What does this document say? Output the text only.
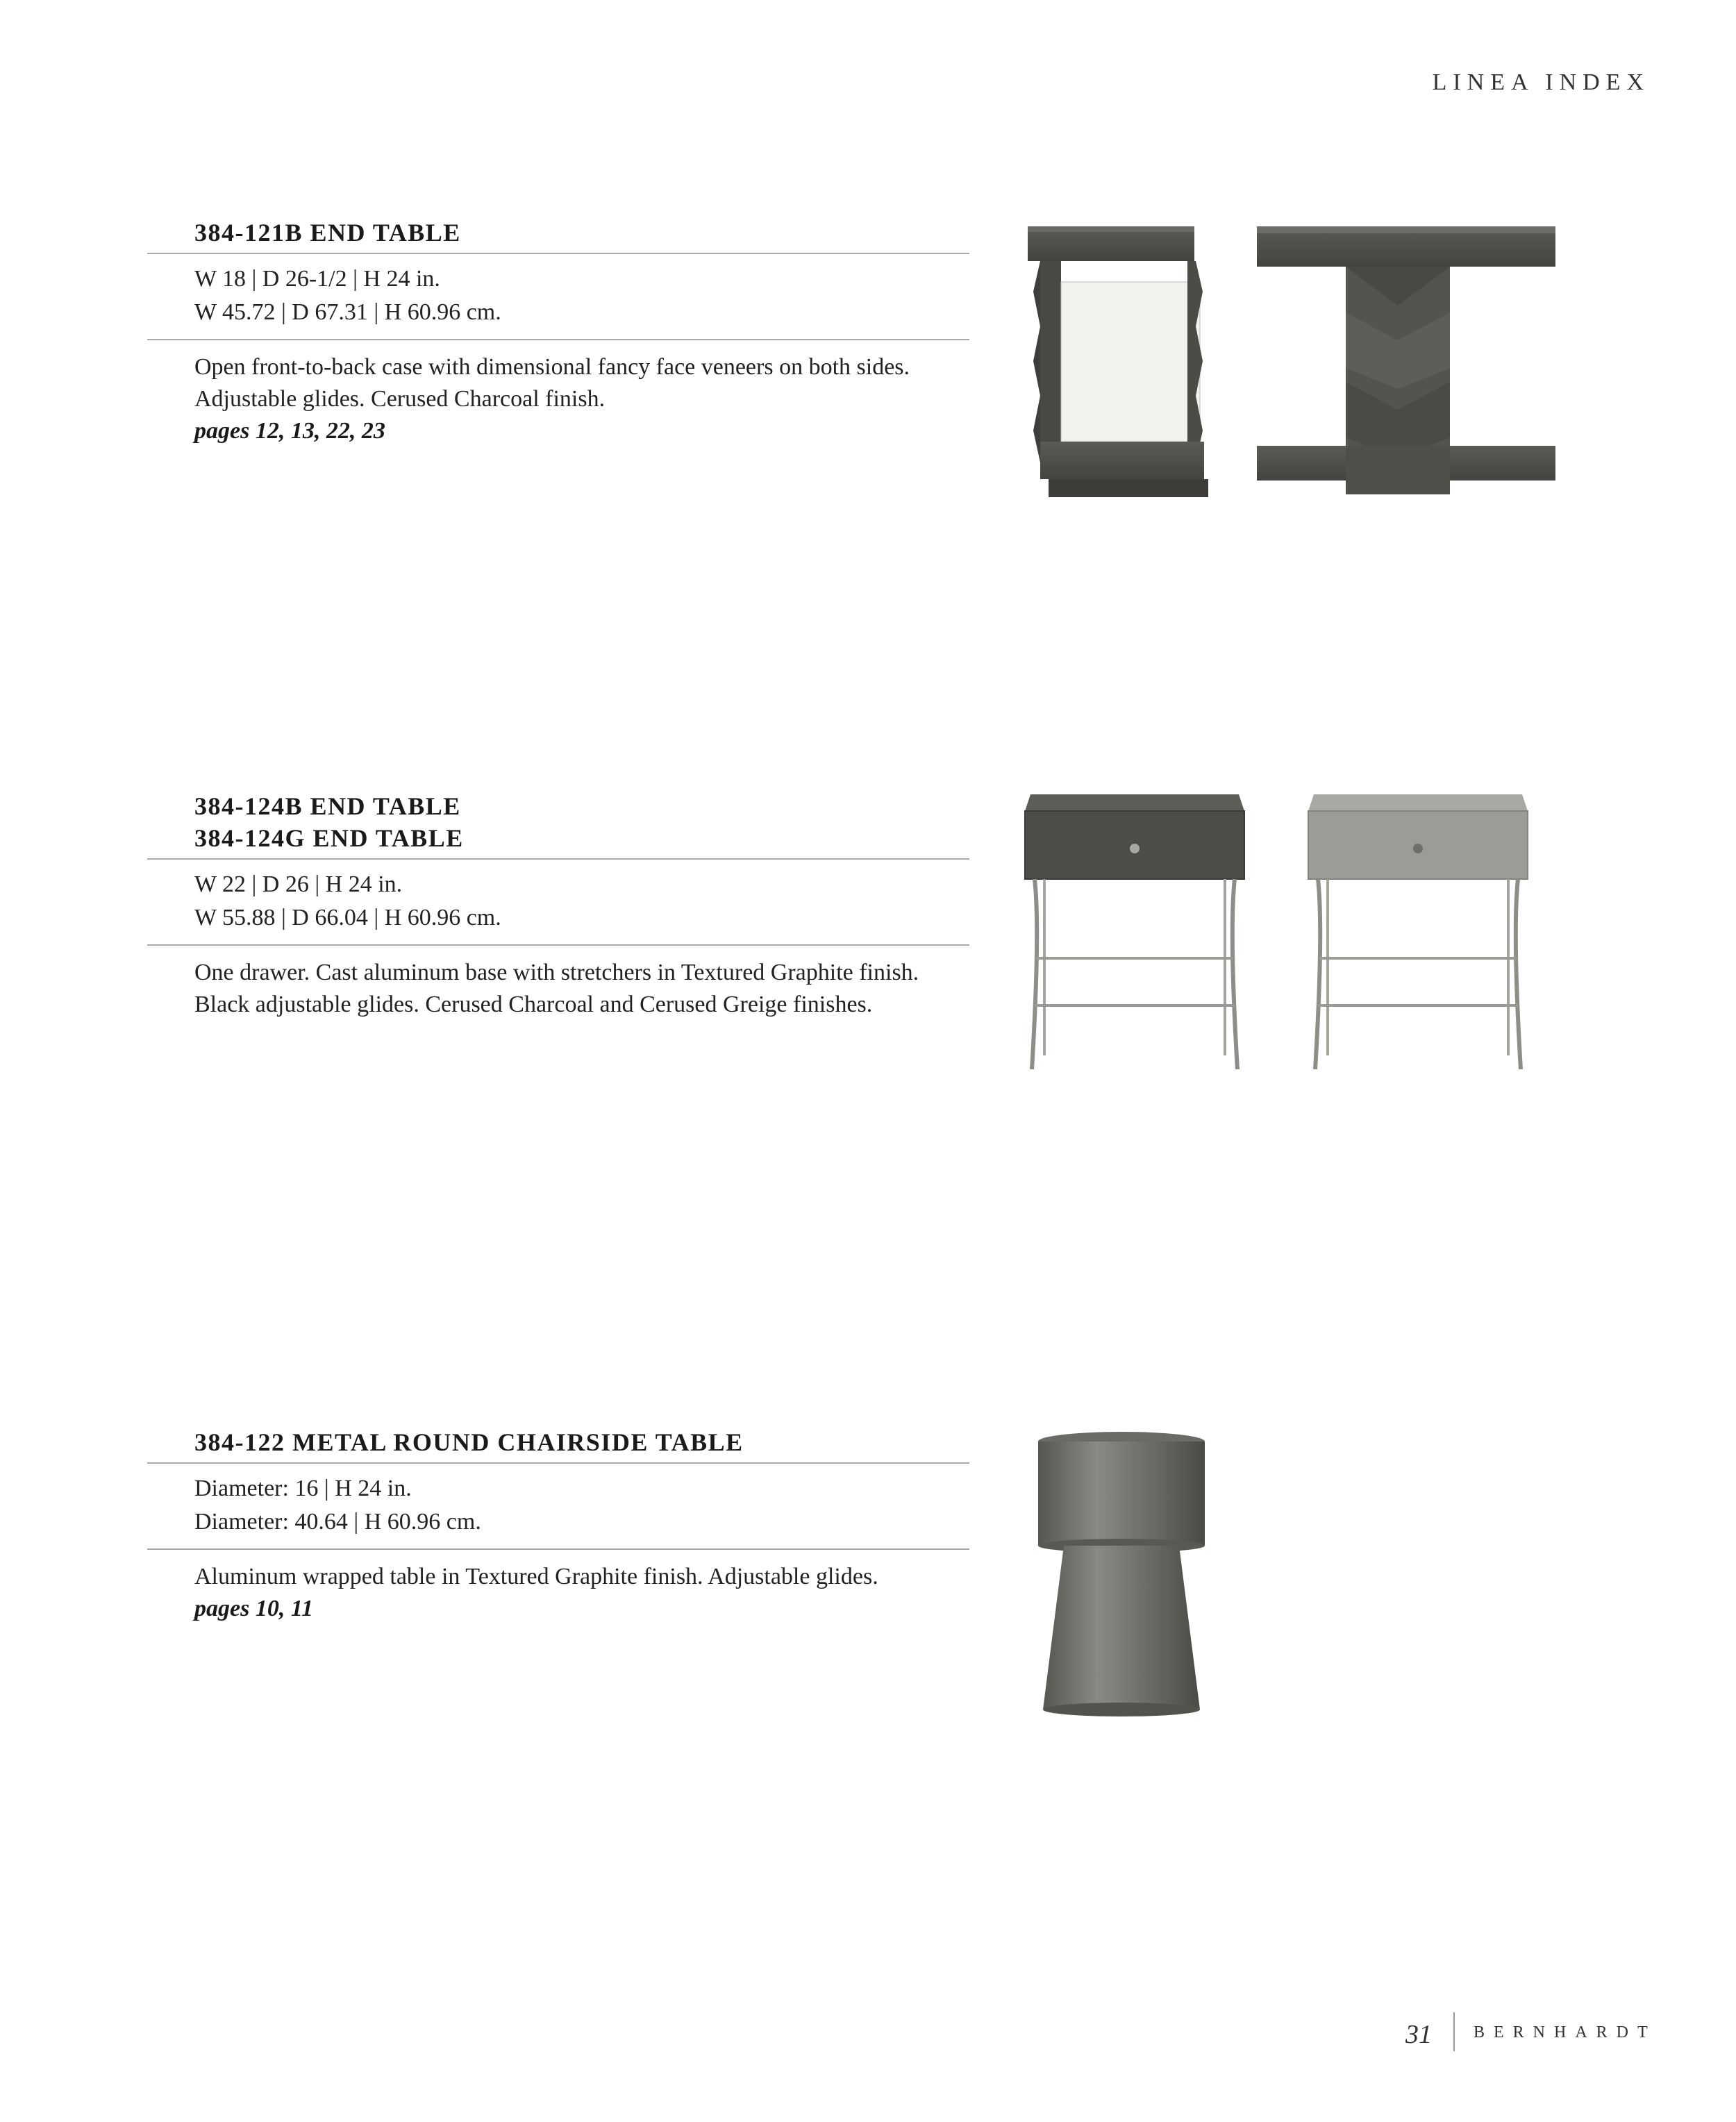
LINEA INDEX
384-121B END TABLE
W 18 | D 26-1/2 | H 24 in.
W 45.72 | D 67.31 | H 60.96 cm.
Open front-to-back case with dimensional fancy face veneers on both sides.
Adjustable glides. Cerused Charcoal finish.
pages 12, 13, 22, 23
384-124B END TABLE
384-124G END TABLE
W 22 | D 26 | H 24 in.
W 55.88 | D 66.04 | H 60.96 cm.
One drawer. Cast aluminum base with stretchers in Textured Graphite finish.
Black adjustable glides. Cerused Charcoal and Cerused Greige finishes.
384-122 METAL ROUND CHAIRSIDE TABLE
Diameter: 16 | H 24 in.
Diameter: 40.64 | H 60.96 cm.
Aluminum wrapped table in Textured Graphite finish. Adjustable glides.
pages 10, 11
31	BERNHARDT
